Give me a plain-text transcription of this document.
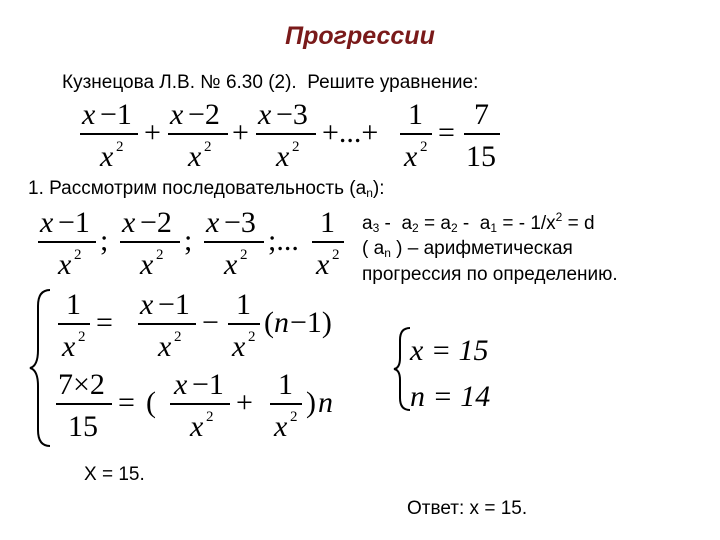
Прогрессии
Кузнецова Л.В. № 6.30 (2). Решите уравнение:
x −1
x 2 +
x −2
x 2 +
x −3
x 2 +...+
1
x 2 =
7
15
1. Рассмотрим последовательность $(a_n)$:
x −1
x 2 ;
x −2
x 2 ;
x −3
x 2 ;...
1
x 2
$a_3 - a_2 = a_2 - a_1$ = - $1/x^2 = d$
( $a_n$ ) – арифметическая
прогрессия по определению.
1
x 2 =
x −1
x 2 −
1
x 2 ( n −1)
7×2
15
= (
x −1
x 2 +
1
x 2 ) n
x = 15
n = 14
Х = 15.
Ответ: х = 15.
